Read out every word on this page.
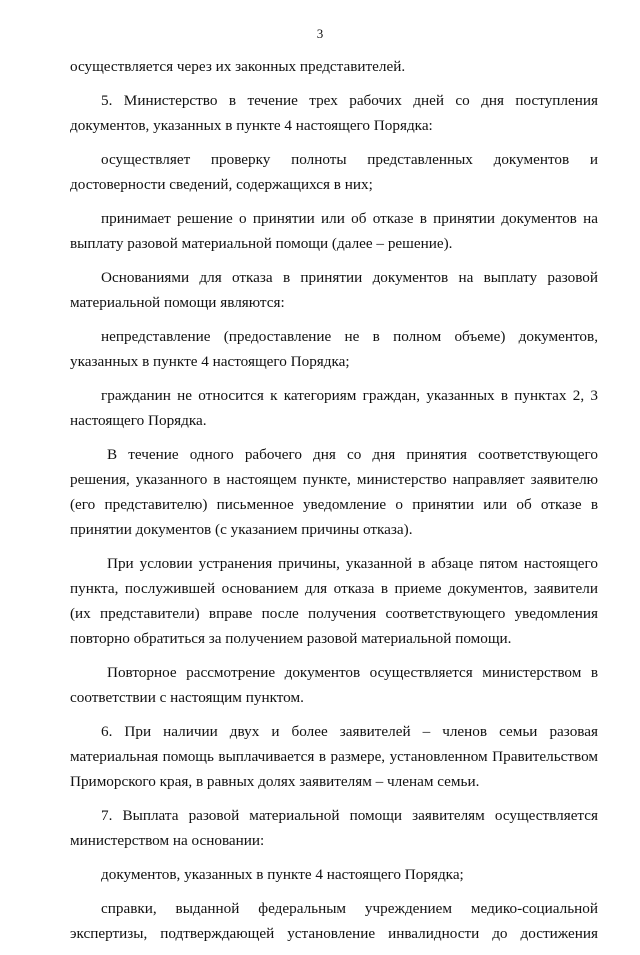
3

осуществляется через их законных представителей.

5. Министерство в течение трех рабочих дней со дня поступления документов, указанных в пункте 4 настоящего Порядка:

осуществляет проверку полноты представленных документов и достоверности сведений, содержащихся в них;

принимает решение о принятии или об отказе в принятии документов на выплату разовой материальной помощи (далее – решение).

Основаниями для отказа в принятии документов на выплату разовой материальной помощи являются:

непредставление (предоставление не в полном объеме) документов, указанных в пункте 4 настоящего Порядка;

гражданин не относится к категориям граждан, указанных в пунктах 2, 3 настоящего Порядка.

В течение одного рабочего дня со дня принятия соответствующего решения, указанного в настоящем пункте, министерство направляет заявителю (его представителю) письменное уведомление о принятии или об отказе в принятии документов (с указанием причины отказа).

При условии устранения причины, указанной в абзаце пятом настоящего пункта, послужившей основанием для отказа в приеме документов, заявители (их представители) вправе после получения соответствующего уведомления повторно обратиться за получением разовой материальной помощи.

Повторное рассмотрение документов осуществляется министерством в соответствии с настоящим пунктом.

6. При наличии двух и более заявителей – членов семьи разовая материальная помощь выплачивается в размере, установленном Правительством Приморского края, в равных долях заявителям – членам семьи.

7. Выплата разовой материальной помощи заявителям осуществляется министерством на основании:

документов, указанных в пункте 4 настоящего Порядка;

справки, выданной федеральным учреждением медико-социальной экспертизы, подтверждающей установление инвалидности до достижения
